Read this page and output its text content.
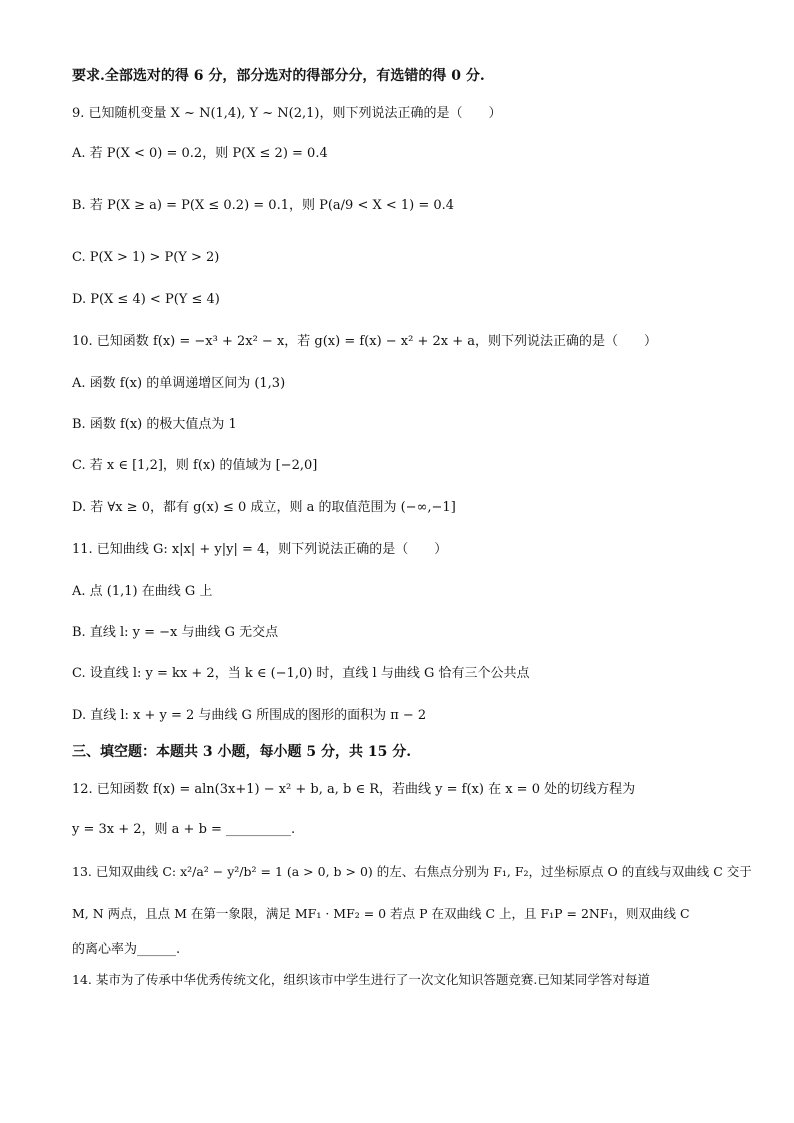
要求.全部选对的得 6 分，部分选对的得部分分，有选错的得 0 分.
9. 已知随机变量 X ~ N(1,4), Y ~ N(2,1)，则下列说法正确的是（　　）
A. 若 P(X < 0) = 0.2，则 P(X ≤ 2) = 0.4
B. 若 P(X ≥ a) = P(X ≤ 0.2) = 0.1，则 P(a/9 < X < 1) = 0.4
C. P(X > 1) > P(Y > 2)
D. P(X ≤ 4) < P(Y ≤ 4)
10. 已知函数 f(x) = −x³ + 2x² − x，若 g(x) = f(x) − x² + 2x + a，则下列说法正确的是（　　）
A. 函数 f(x) 的单调递增区间为 (1,3)
B. 函数 f(x) 的极大值点为 1
C. 若 x ∈ [1,2]，则 f(x) 的值域为 [−2,0]
D. 若 ∀x ≥ 0，都有 g(x) ≤ 0 成立，则 a 的取值范围为 (−∞,−1]
11. 已知曲线 G: x|x| + y|y| = 4，则下列说法正确的是（　　）
A. 点 (1,1) 在曲线 G 上
B. 直线 l: y = −x 与曲线 G 无交点
C. 设直线 l: y = kx + 2，当 k ∈ (−1,0) 时，直线 l 与曲线 G 恰有三个公共点
D. 直线 l: x + y = 2 与曲线 G 所围成的图形的面积为 π − 2
三、填空题：本题共 3 小题，每小题 5 分，共 15 分.
12. 已知函数 f(x) = aln(3x+1) − x² + b, a, b ∈ R，若曲线 y = f(x) 在 x = 0 处的切线方程为
y = 3x + 2，则 a + b = __________.
13. 已知双曲线 C: x²/a² − y²/b² = 1 (a > 0, b > 0) 的左、右焦点分别为 F₁, F₂，过坐标原点 O 的直线与双曲线 C 交于
M, N 两点，且点 M 在第一象限，满足 MF₁ · MF₂ = 0 若点 P 在双曲线 C 上，且 F₁P = 2NF₁，则双曲线 C
的离心率为______.
14. 某市为了传承中华优秀传统文化，组织该市中学生进行了一次文化知识答题竞赛.已知某同学答对每道
